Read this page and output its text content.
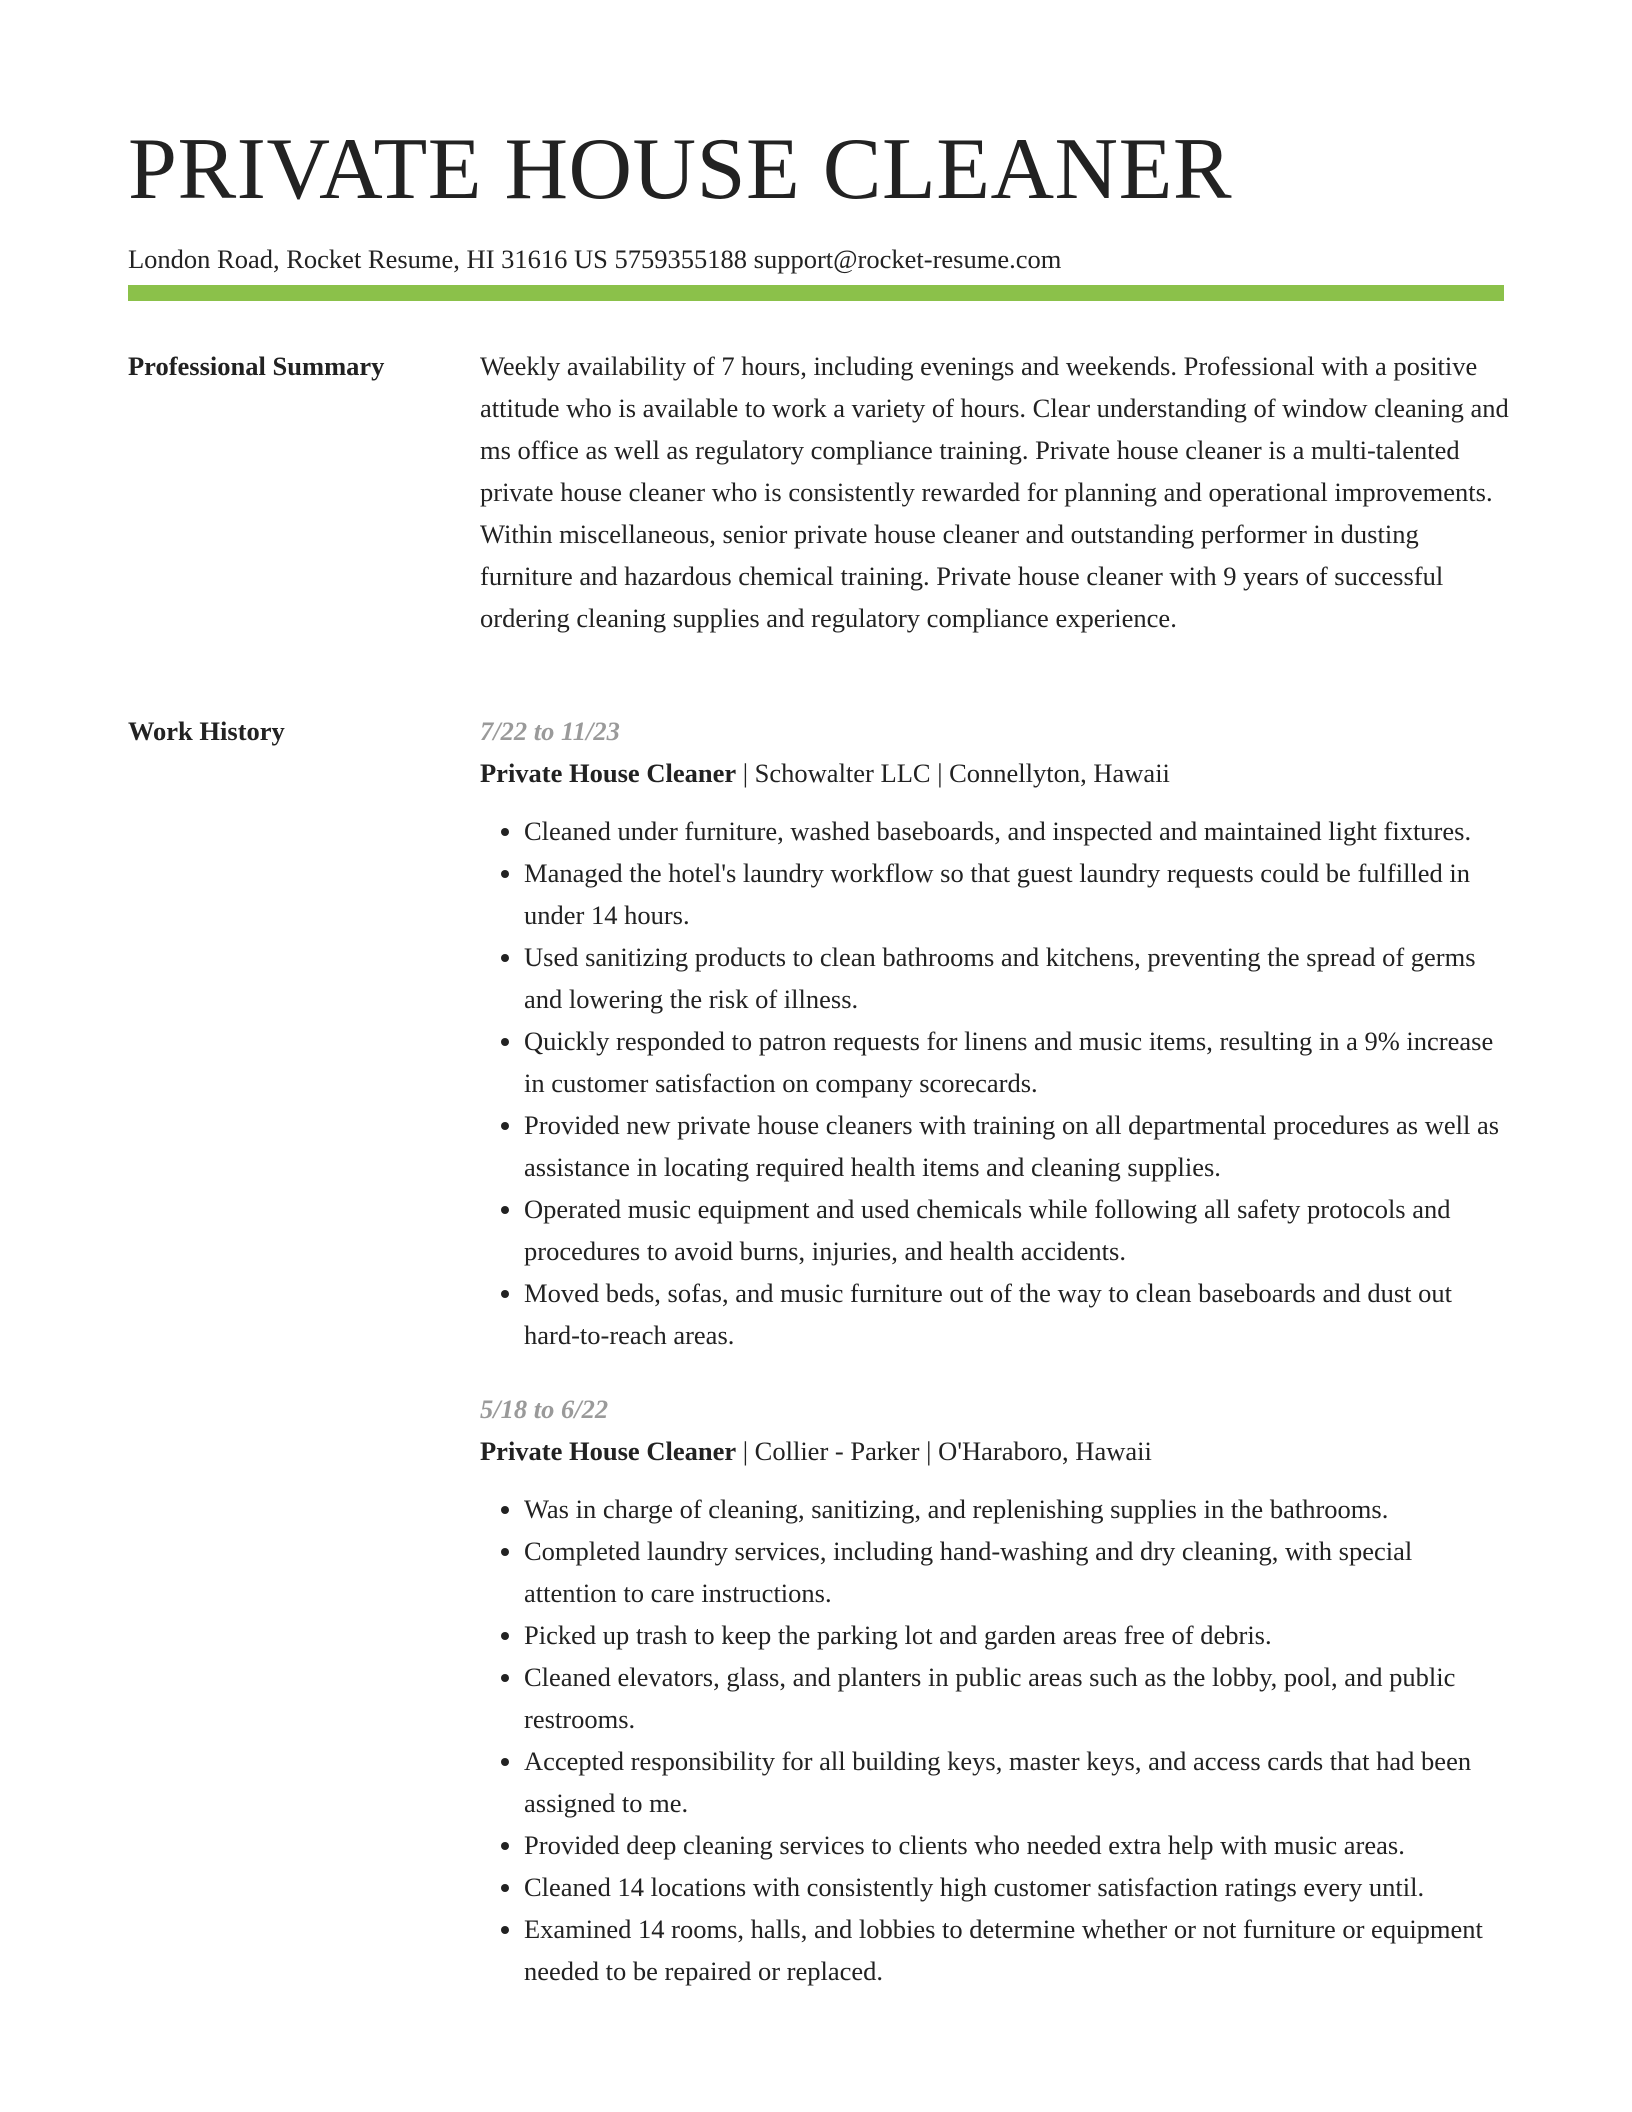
PRIVATE HOUSE CLEANER
London Road, Rocket Resume, HI 31616 US 5759355188 support@rocket-resume.com
Professional Summary	Weekly availability of 7 hours, including evenings and weekends. Professional with a positive attitude who is available to work a variety of hours. Clear understanding of window cleaning and ms office as well as regulatory compliance training. Private house cleaner is a multi-talented private house cleaner who is consistently rewarded for planning and operational improvements. Within miscellaneous, senior private house cleaner and outstanding performer in dusting furniture and hazardous chemical training. Private house cleaner with 9 years of successful ordering cleaning supplies and regulatory compliance experience.

Work History	7/22 to 11/23
Private House Cleaner | Schowalter LLC | Connellyton, Hawaii
• Cleaned under furniture, washed baseboards, and inspected and maintained light fixtures.
• Managed the hotel's laundry workflow so that guest laundry requests could be fulfilled in under 14 hours.
• Used sanitizing products to clean bathrooms and kitchens, preventing the spread of germs and lowering the risk of illness.
• Quickly responded to patron requests for linens and music items, resulting in a 9% increase in customer satisfaction on company scorecards.
• Provided new private house cleaners with training on all departmental procedures as well as assistance in locating required health items and cleaning supplies.
• Operated music equipment and used chemicals while following all safety protocols and procedures to avoid burns, injuries, and health accidents.
• Moved beds, sofas, and music furniture out of the way to clean baseboards and dust out hard-to-reach areas.
5/18 to 6/22
Private House Cleaner | Collier - Parker | O'Haraboro, Hawaii
• Was in charge of cleaning, sanitizing, and replenishing supplies in the bathrooms.
• Completed laundry services, including hand-washing and dry cleaning, with special attention to care instructions.
• Picked up trash to keep the parking lot and garden areas free of debris.
• Cleaned elevators, glass, and planters in public areas such as the lobby, pool, and public restrooms.
• Accepted responsibility for all building keys, master keys, and access cards that had been assigned to me.
• Provided deep cleaning services to clients who needed extra help with music areas.
• Cleaned 14 locations with consistently high customer satisfaction ratings every until.
• Examined 14 rooms, halls, and lobbies to determine whether or not furniture or equipment needed to be repaired or replaced.
